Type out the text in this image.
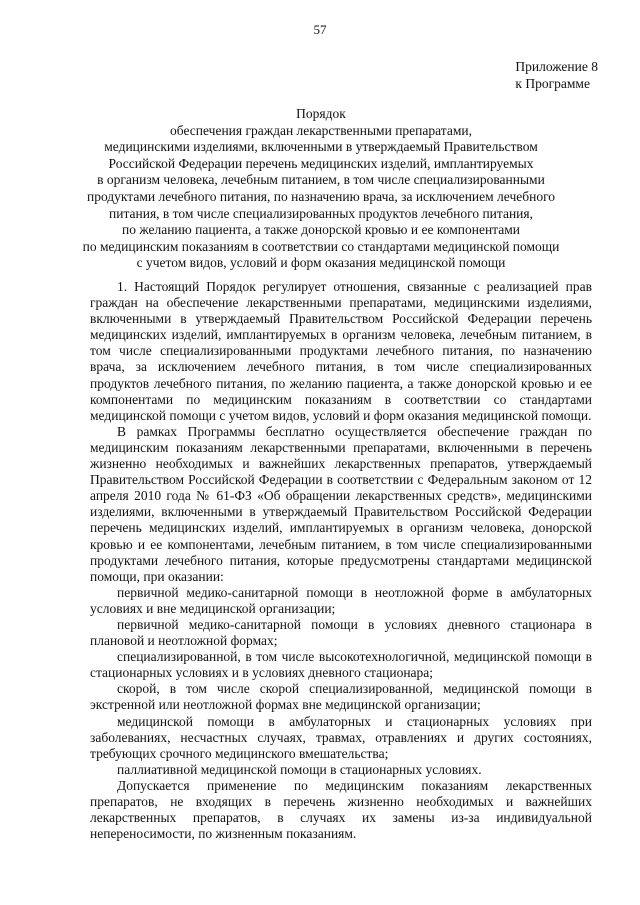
57
Приложение 8
к Программе
Порядок
обеспечения граждан лекарственными препаратами,
медицинскими изделиями, включенными в утверждаемый Правительством
Российской Федерации перечень медицинских изделий, имплантируемых
в организм человека, лечебным питанием, в том числе специализированными
продуктами лечебного питания, по назначению врача, за исключением лечебного
питания, в том числе специализированных продуктов лечебного питания,
по желанию пациента, а также донорской кровью и ее компонентами
по медицинским показаниям в соответствии со стандартами медицинской помощи
с учетом видов, условий и форм оказания медицинской помощи

1. Настоящий Порядок регулирует отношения, связанные с реализацией прав граждан на обеспечение лекарственными препаратами, медицинскими изделиями, включенными в утверждаемый Правительством Российской Федерации перечень медицинских изделий, имплантируемых в организм человека, лечебным питанием, в том числе специализированными продуктами лечебного питания, по назначению врача, за исключением лечебного питания, в том числе специализированных продуктов лечебного питания, по желанию пациента, а также донорской кровью и ее компонентами по медицинским показаниям в соответствии со стандартами медицинской помощи с учетом видов, условий и форм оказания медицинской помощи.

В рамках Программы бесплатно осуществляется обеспечение граждан по медицинским показаниям лекарственными препаратами, включенными в перечень жизненно необходимых и важнейших лекарственных препаратов, утверждаемый Правительством Российской Федерации в соответствии с Федеральным законом от 12 апреля 2010 года № 61-ФЗ «Об обращении лекарственных средств», медицинскими изделиями, включенными в утверждаемый Правительством Российской Федерации перечень медицинских изделий, имплантируемых в организм человека, донорской кровью и ее компонентами, лечебным питанием, в том числе специализированными продуктами лечебного питания, которые предусмотрены стандартами медицинской помощи, при оказании:

первичной медико-санитарной помощи в неотложной форме в амбулаторных условиях и вне медицинской организации;

первичной медико-санитарной помощи в условиях дневного стационара в плановой и неотложной формах;

специализированной, в том числе высокотехнологичной, медицинской помощи в стационарных условиях и в условиях дневного стационара;

скорой, в том числе скорой специализированной, медицинской помощи в экстренной или неотложной формах вне медицинской организации;

медицинской помощи в амбулаторных и стационарных условиях при заболеваниях, несчастных случаях, травмах, отравлениях и других состояниях, требующих срочного медицинского вмешательства;

паллиативной медицинской помощи в стационарных условиях.

Допускается применение по медицинским показаниям лекарственных препаратов, не входящих в перечень жизненно необходимых и важнейших лекарственных препаратов, в случаях их замены из-за индивидуальной непереносимости, по жизненным показаниям.
